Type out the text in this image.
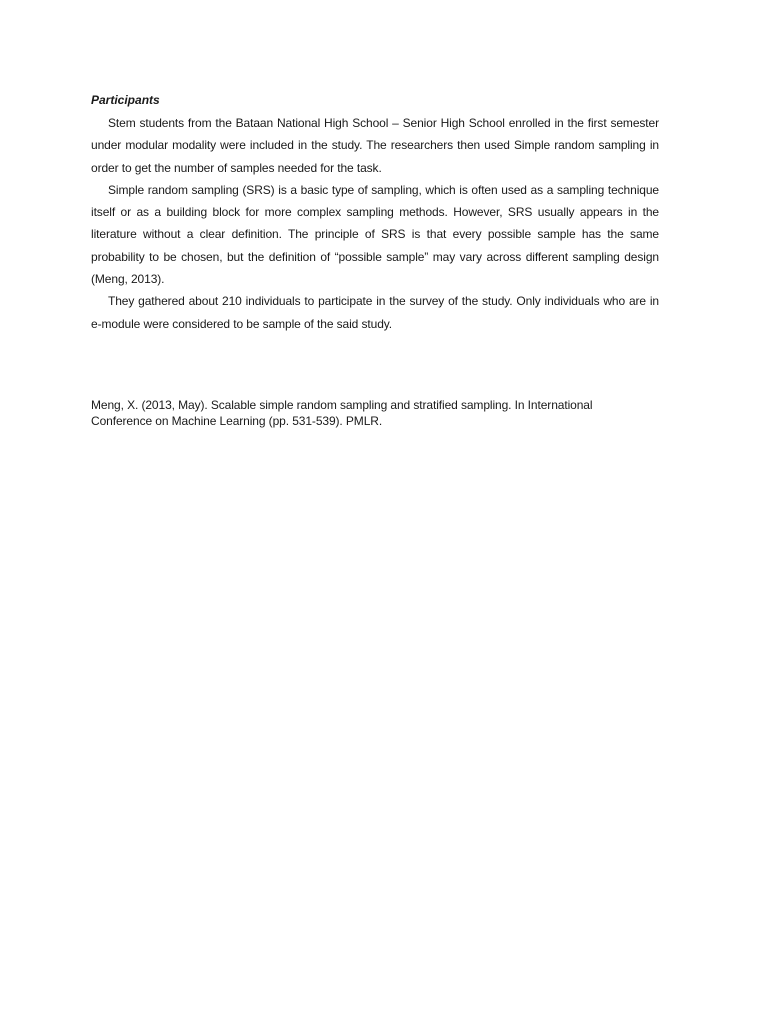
Participants

Stem students from the Bataan National High School – Senior High School enrolled in the first semester under modular modality were included in the study. The researchers then used Simple random sampling in order to get the number of samples needed for the task.

Simple random sampling (SRS) is a basic type of sampling, which is often used as a sampling technique itself or as a building block for more complex sampling methods. However, SRS usually appears in the literature without a clear definition. The principle of SRS is that every possible sample has the same probability to be chosen, but the definition of “possible sample” may vary across different sampling design (Meng, 2013).

They gathered about 210 individuals to participate in the survey of the study. Only individuals who are in e-module were considered to be sample of the said study.

Meng, X. (2013, May). Scalable simple random sampling and stratified sampling. In International Conference on Machine Learning (pp. 531-539). PMLR.
